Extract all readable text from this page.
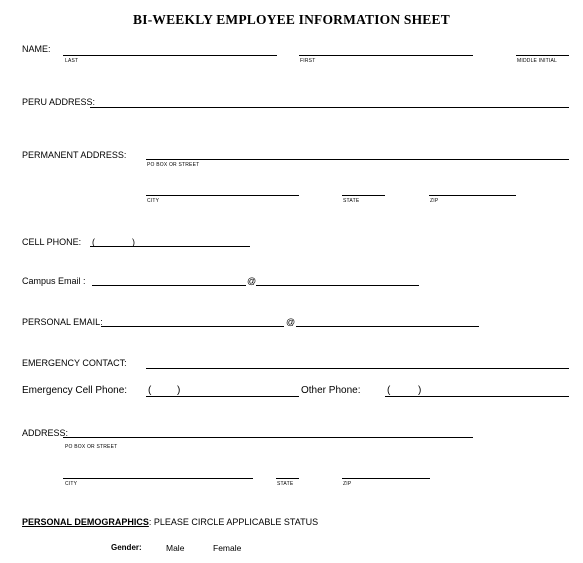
BI-WEEKLY EMPLOYEE INFORMATION SHEET
NAME:
LAST	FIRST	MIDDLE INITIAL
PERU ADDRESS:
PERMANENT ADDRESS:
PO BOX OR STREET
CITY	STATE	ZIP
CELL PHONE: (	)
Campus Email :	@
PERSONAL EMAIL:	@
EMERGENCY CONTACT:
Emergency Cell Phone: (	)	Other Phone:	(	)
ADDRESS:
PO BOX OR STREET
CITY	STATE	ZIP
PERSONAL DEMOGRAPHICS: PLEASE CIRCLE APPLICABLE STATUS
Gender:	Male	Female
